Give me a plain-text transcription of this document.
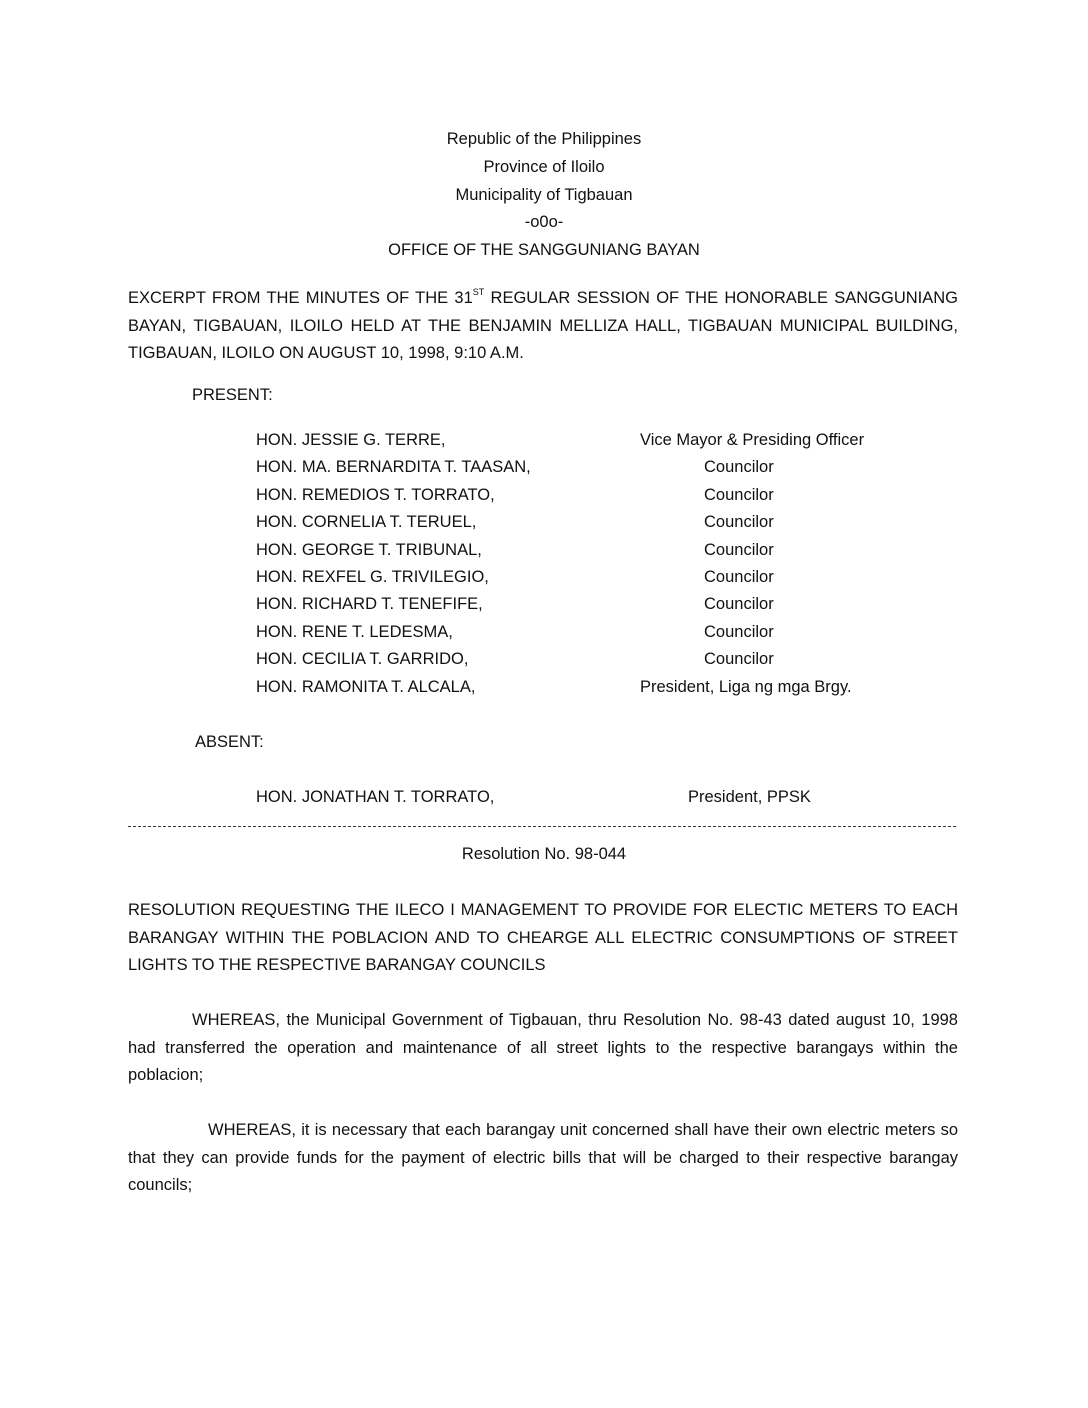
Republic of the Philippines
Province of Iloilo
Municipality of Tigbauan
-o0o-
OFFICE OF THE SANGGUNIANG BAYAN
EXCERPT FROM THE MINUTES OF THE 31ST REGULAR SESSION OF THE HONORABLE SANGGUNIANG BAYAN, TIGBAUAN, ILOILO HELD AT THE BENJAMIN MELLIZA HALL, TIGBAUAN MUNICIPAL BUILDING, TIGBAUAN, ILOILO ON AUGUST 10, 1998, 9:10 A.M.
PRESENT:
HON. JESSIE G. TERRE,	Vice Mayor & Presiding Officer
HON. MA. BERNARDITA T. TAASAN,	Councilor
HON. REMEDIOS T. TORRATO,	Councilor
HON. CORNELIA T. TERUEL,	Councilor
HON. GEORGE T. TRIBUNAL,	Councilor
HON. REXFEL G. TRIVILEGIO,	Councilor
HON. RICHARD T. TENEFIFE,	Councilor
HON. RENE T. LEDESMA,	Councilor
HON. CECILIA T. GARRIDO,	Councilor
HON. RAMONITA T. ALCALA,	President, Liga ng mga Brgy.
ABSENT:
HON. JONATHAN T. TORRATO,	President, PPSK
Resolution No. 98-044
RESOLUTION REQUESTING THE ILECO I MANAGEMENT TO PROVIDE FOR ELECTIC METERS TO EACH BARANGAY WITHIN THE POBLACION AND TO CHEARGE ALL ELECTRIC CONSUMPTIONS OF STREET LIGHTS TO THE RESPECTIVE BARANGAY COUNCILS
WHEREAS, the Municipal Government of Tigbauan, thru Resolution No. 98-43 dated august 10, 1998 had transferred the operation and maintenance of all street lights to the respective barangays within the poblacion;
WHEREAS, it is necessary that each barangay unit concerned shall have their own electric meters so that they can provide funds for the payment of electric bills that will be charged to their respective barangay councils;
